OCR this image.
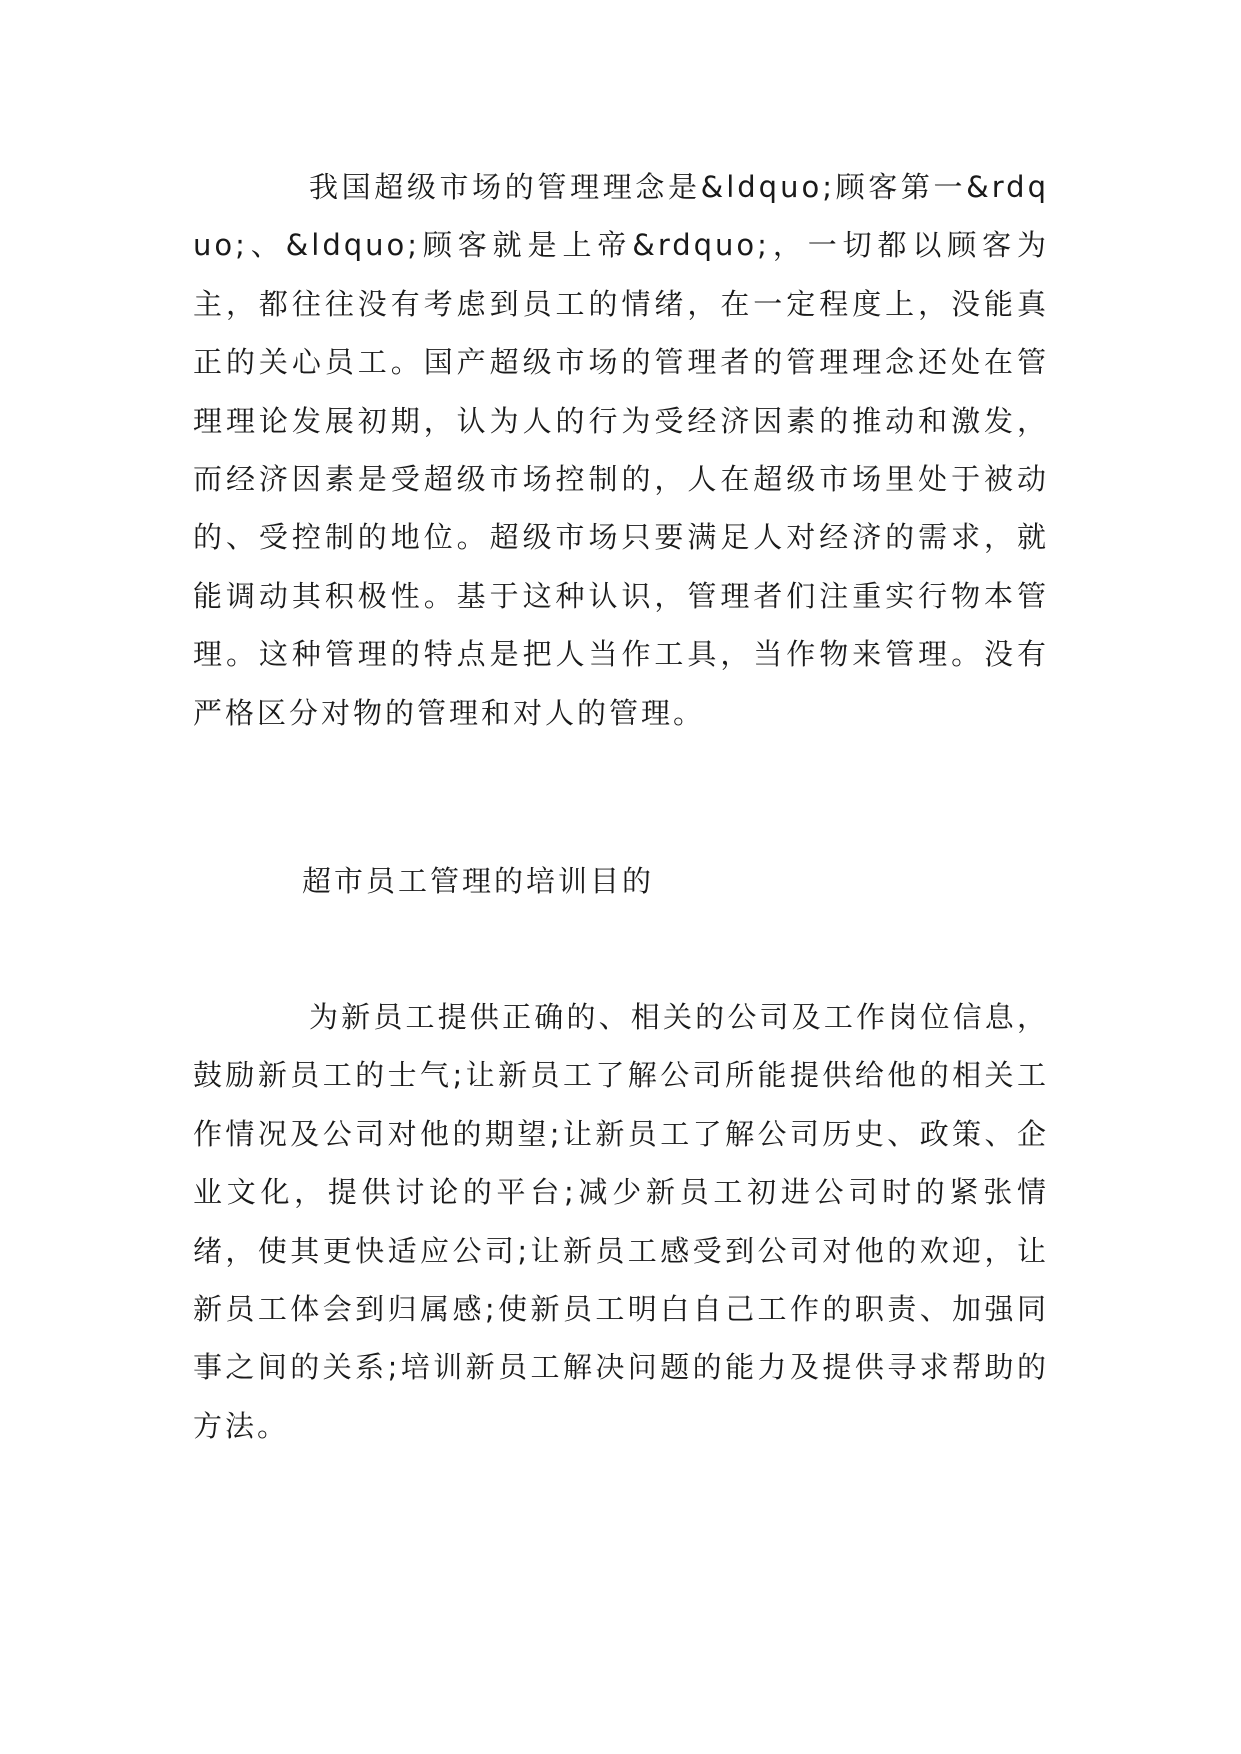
我国超级市场的管理理念是&ldquo;顾客第一&rdquo;、&ldquo;顾客就是上帝&rdquo;，一切都以顾客为主，都往往没有考虑到员工的情绪，在一定程度上，没能真正的关心员工。国产超级市场的管理者的管理理念还处在管理理论发展初期，认为人的行为受经济因素的推动和激发，而经济因素是受超级市场控制的，人在超级市场里处于被动的、受控制的地位。超级市场只要满足人对经济的需求，就能调动其积极性。基于这种认识，管理者们注重实行物本管理。这种管理的特点是把人当作工具，当作物来管理。没有严格区分对物的管理和对人的管理。

超市员工管理的培训目的

为新员工提供正确的、相关的公司及工作岗位信息，鼓励新员工的士气;让新员工了解公司所能提供给他的相关工作情况及公司对他的期望;让新员工了解公司历史、政策、企业文化，提供讨论的平台;减少新员工初进公司时的紧张情绪，使其更快适应公司;让新员工感受到公司对他的欢迎，让新员工体会到归属感;使新员工明白自己工作的职责、加强同事之间的关系;培训新员工解决问题的能力及提供寻求帮助的方法。
